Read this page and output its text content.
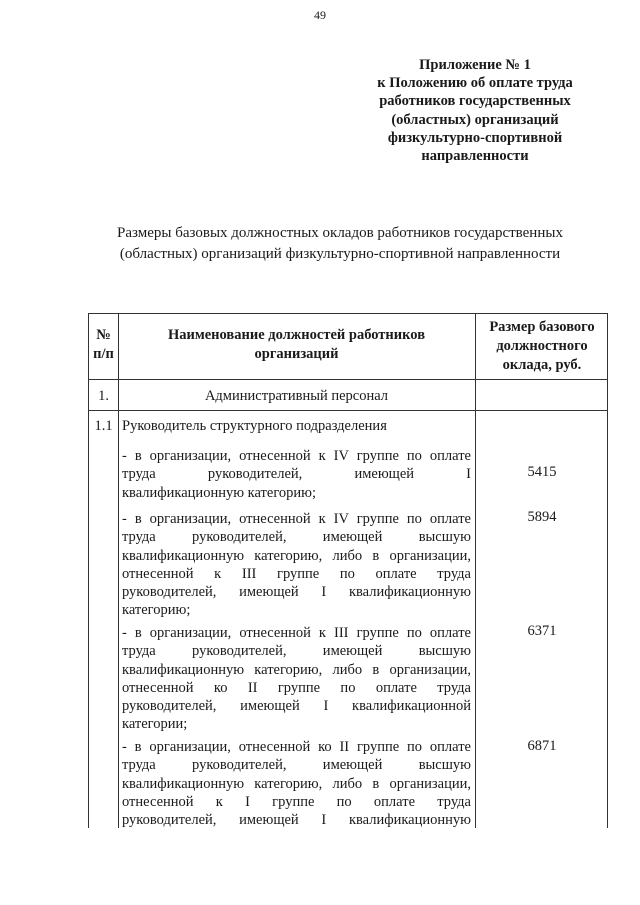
49
Приложение № 1
к Положению об оплате труда
работников государственных
(областных) организаций
физкультурно-спортивной
направленности
Размеры базовых должностных окладов работников государственных
(областных) организаций физкультурно-спортивной направленности
№
п/п
Наименование должностей работников
организаций
Размер базового
должностного
оклада, руб.
1.	Административный персонал
1.1 Руководитель структурного подразделения
- в организации, отнесенной к IV группе по оплате
труда руководителей, имеющей I
квалификационную категорию;
5415
- в организации, отнесенной к IV группе по оплате
труда руководителей, имеющей высшую
квалификационную категорию, либо в организации,
отнесенной к III группе по оплате труда
руководителей, имеющей I квалификационную
категорию;
5894
- в организации, отнесенной к III группе по оплате
труда руководителей, имеющей высшую
квалификационную категорию, либо в организации,
отнесенной ко II группе по оплате труда
руководителей, имеющей I квалификационной
категории;
6371
- в организации, отнесенной ко II группе по оплате
труда руководителей, имеющей высшую
квалификационную категорию, либо в организации,
отнесенной к I группе по оплате труда
руководителей, имеющей I квалификационную
6871
